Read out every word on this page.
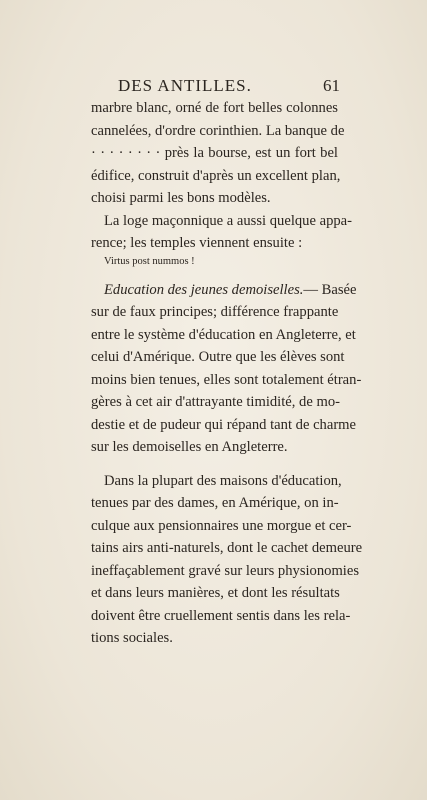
DES ANTILLES.	61
marbre blanc, orné de fort belles colonnes
cannelées, d'ordre corinthien. La banque de
· · · · · · · · près la bourse, est un fort bel
édifice, construit d'après un excellent plan,
choisi parmi les bons modèles.
La loge maçonnique a aussi quelque appa-
rence; les temples viennent ensuite :
Virtus post nummos !
Education des jeunes demoiselles.— Basée
sur de faux principes; différence frappante
entre le système d'éducation en Angleterre, et
celui d'Amérique. Outre que les élèves sont
moins bien tenues, elles sont totalement étran-
gères à cet air d'attrayante timidité, de mo-
destie et de pudeur qui répand tant de charme
sur les demoiselles en Angleterre.
Dans la plupart des maisons d'éducation,
tenues par des dames, en Amérique, on in-
culque aux pensionnaires une morgue et cer-
tains airs anti-naturels, dont le cachet demeure
ineffaçablement gravé sur leurs physionomies
et dans leurs manières, et dont les résultats
doivent être cruellement sentis dans les rela-
tions sociales.
